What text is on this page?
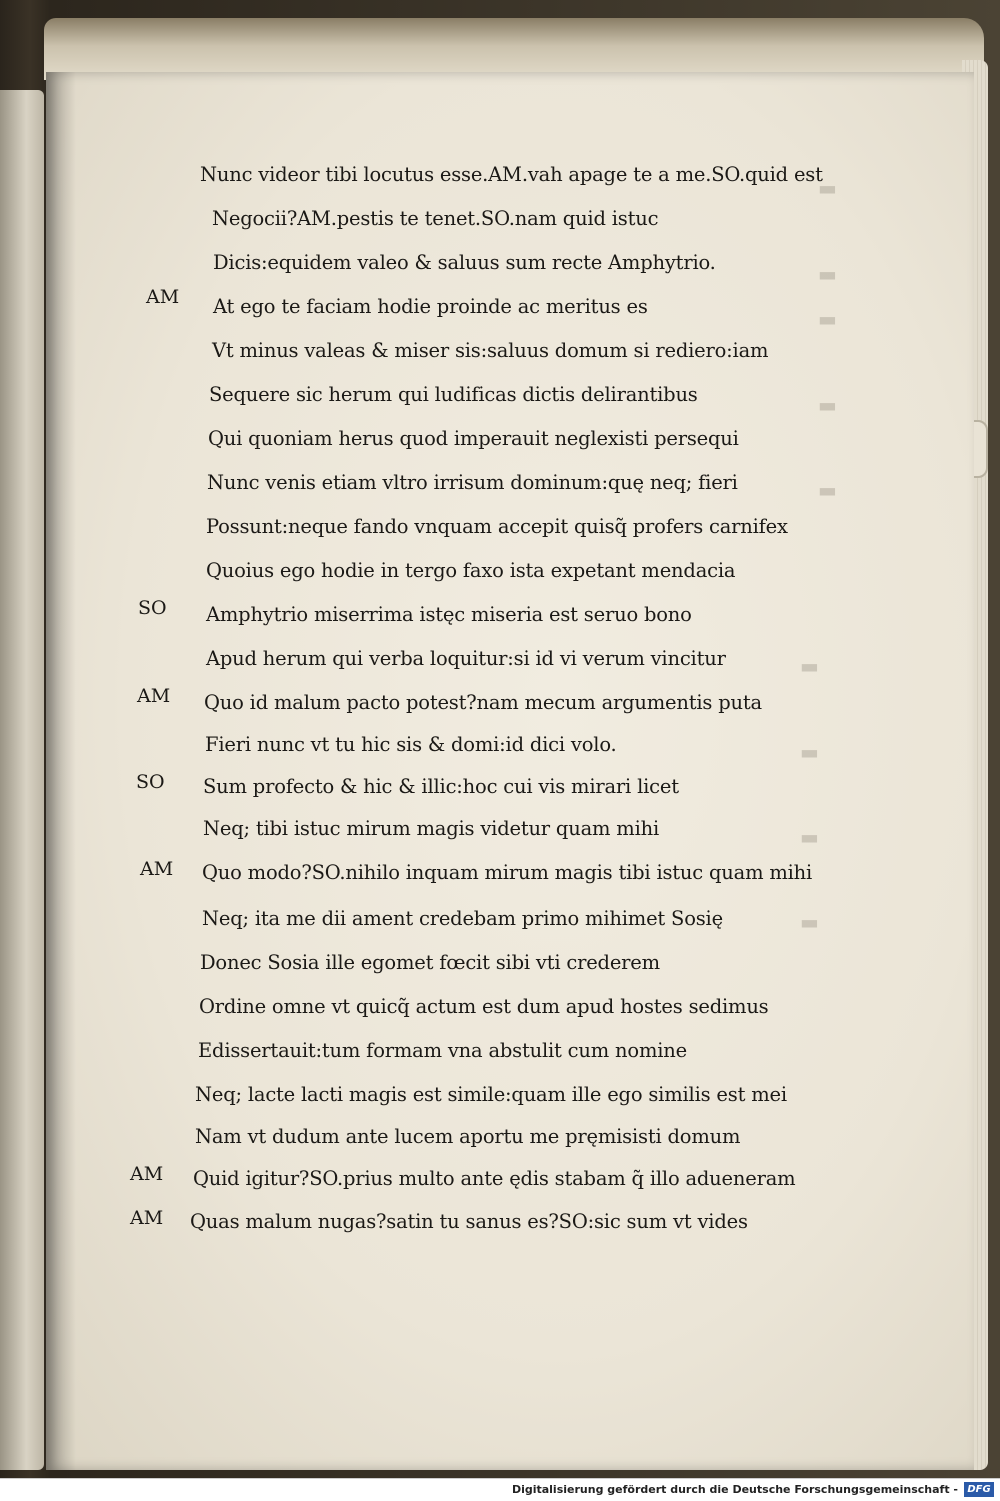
▬
▬
▬
▬
▬
▬
▬
▬
▬
Nunc videor tibi locutus esse.AM.vah apage te a me.SO.quid est
Negocii?AM.pestis te tenet.SO.nam quid istuc
Dicis:equidem valeo & saluus sum recte Amphytrio.
At ego te faciam hodie proinde ac meritus es
Vt minus valeas & miser sis:saluus domum si rediero:iam
Sequere sic herum qui ludificas dictis delirantibus
Qui quoniam herus quod imperauit neglexisti persequi
Nunc venis etiam vltro irrisum dominum:quę neq; fieri
Possunt:neque fando vnquam accepit quisq̃ profers carnifex
Quoius ego hodie in tergo faxo ista expetant mendacia
Amphytrio miserrima istęc miseria est seruo bono
Apud herum qui verba loquitur:si id vi verum vincitur
Quo id malum pacto potest?nam mecum argumentis puta
Fieri nunc vt tu hic sis & domi:id dici volo.
Sum profecto & hic & illic:hoc cui vis mirari licet
Neq; tibi istuc mirum magis videtur quam mihi
Quo modo?SO.nihilo inquam mirum magis tibi istuc quam mihi
Neq; ita me dii ament credebam primo mihimet Sosię
Donec Sosia ille egomet fœcit sibi vti crederem
Ordine omne vt quicq̃ actum est dum apud hostes sedimus
Edissertauit:tum formam vna abstulit cum nomine
Neq; lacte lacti magis est simile:quam ille ego similis est mei
Nam vt dudum ante lucem aportu me pręmisisti domum
Quid igitur?SO.prius multo ante ędis stabam q̃ illo adueneram
Quas malum nugas?satin tu sanus es?SO:sic sum vt vides
AM
SO
AM
SO
AM
AM
AM
Digitalisierung gefördert durch die Deutsche Forschungsgemeinschaft - DFG
